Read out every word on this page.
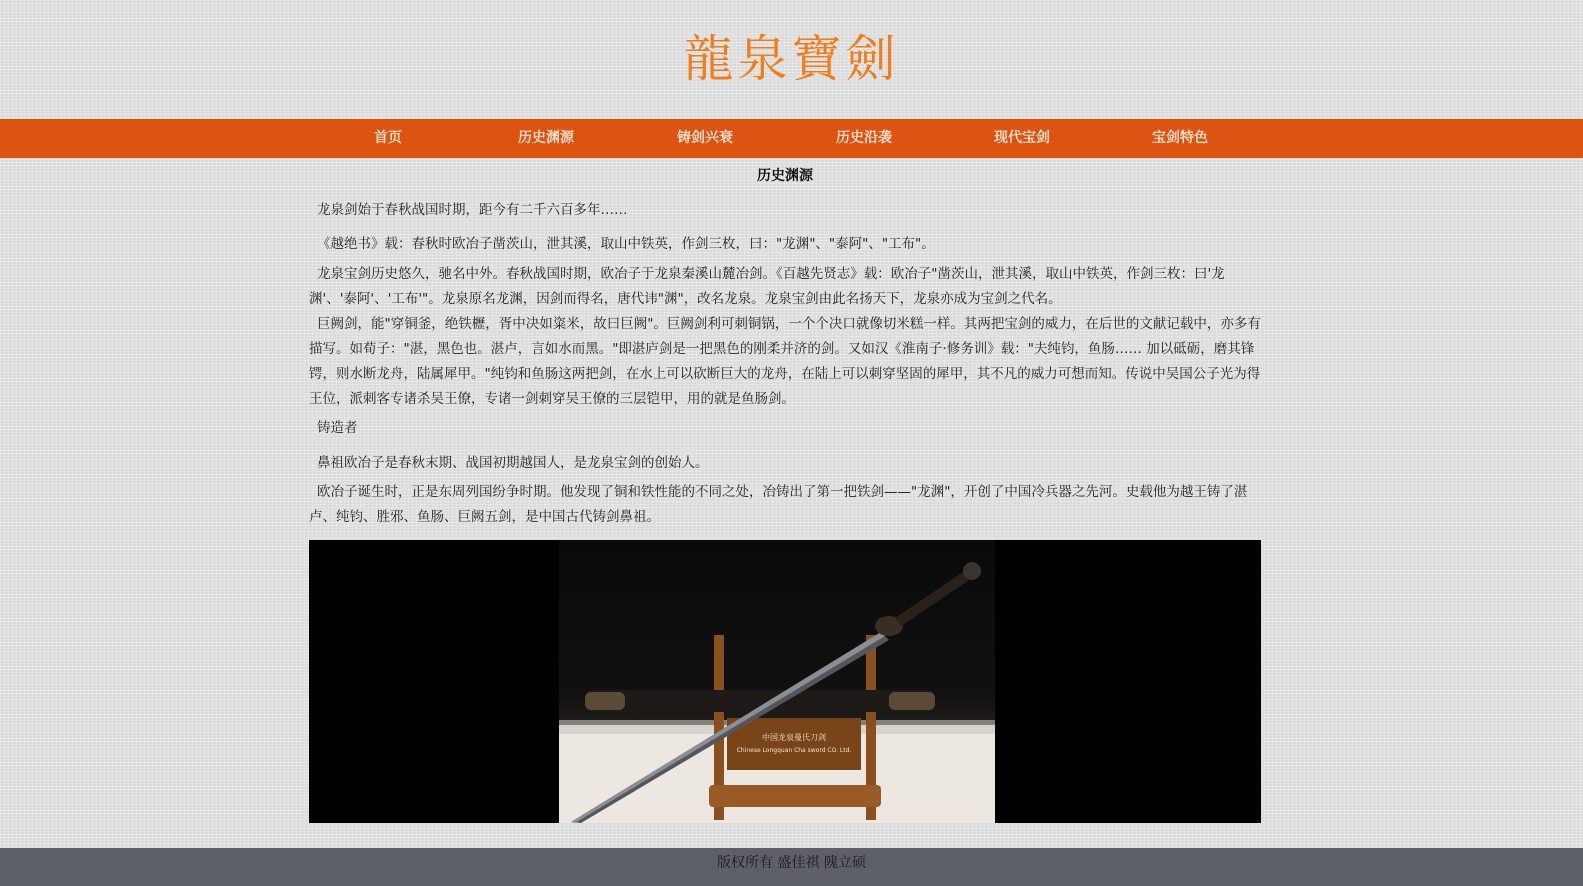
龍泉寶劍
首页	历史渊源	铸剑兴衰	历史沿袭	现代宝剑	宝剑特色
历史渊源

龙泉剑始于春秋战国时期，距今有二千六百多年……

《越绝书》载：春秋时欧冶子凿茨山，泄其溪，取山中铁英，作剑三枚，曰："龙渊"、"泰阿"、"工布"。

龙泉宝剑历史悠久，驰名中外。春秋战国时期，欧冶子于龙泉秦溪山麓冶剑。《百越先贤志》载：欧冶子"凿茨山，泄其溪，取山中铁英，作剑三枚：曰'龙渊'、'泰阿'、'工布'"。龙泉原名龙渊，因剑而得名，唐代讳"渊"，改名龙泉。龙泉宝剑由此名扬天下，龙泉亦成为宝剑之代名。

巨阙剑，能"穿铜釜，绝铁櫪，胥中决如粢米，故曰巨阙"。巨阙剑利可刺铜锅，一个个决口就像切米糕一样。其两把宝剑的威力，在后世的文献记载中，亦多有描写。如荀子："湛，黑色也。湛卢，言如水而黑。"即湛庐剑是一把黑色的刚柔并济的剑。又如汉《淮南子·修务训》载："夫纯钧，鱼肠…… 加以砥砺，磨其锋锷，则水断龙舟，陆属犀甲。"纯钧和鱼肠这两把剑，在水上可以砍断巨大的龙舟，在陆上可以刺穿坚固的犀甲，其不凡的威力可想而知。传说中吴国公子光为得王位，派刺客专诸杀吴王僚，专诸一剑刺穿吴王僚的三层铠甲，用的就是鱼肠剑。

铸造者

鼻祖欧冶子是春秋末期、战国初期越国人，是龙泉宝剑的创始人。

欧冶子诞生时，正是东周列国纷争时期。他发现了铜和铁性能的不同之处，冶铸出了第一把铁剑——"龙渊"，开创了中国冷兵器之先河。史载他为越王铸了湛卢、纯钧、胜邪、鱼肠、巨阙五剑，是中国古代铸剑鼻祖。

中国龙泉曼氏刀剑
Chinese Longquan Cha sword CO. Ltd.
版权所有 盛佳祺 隗立硕
